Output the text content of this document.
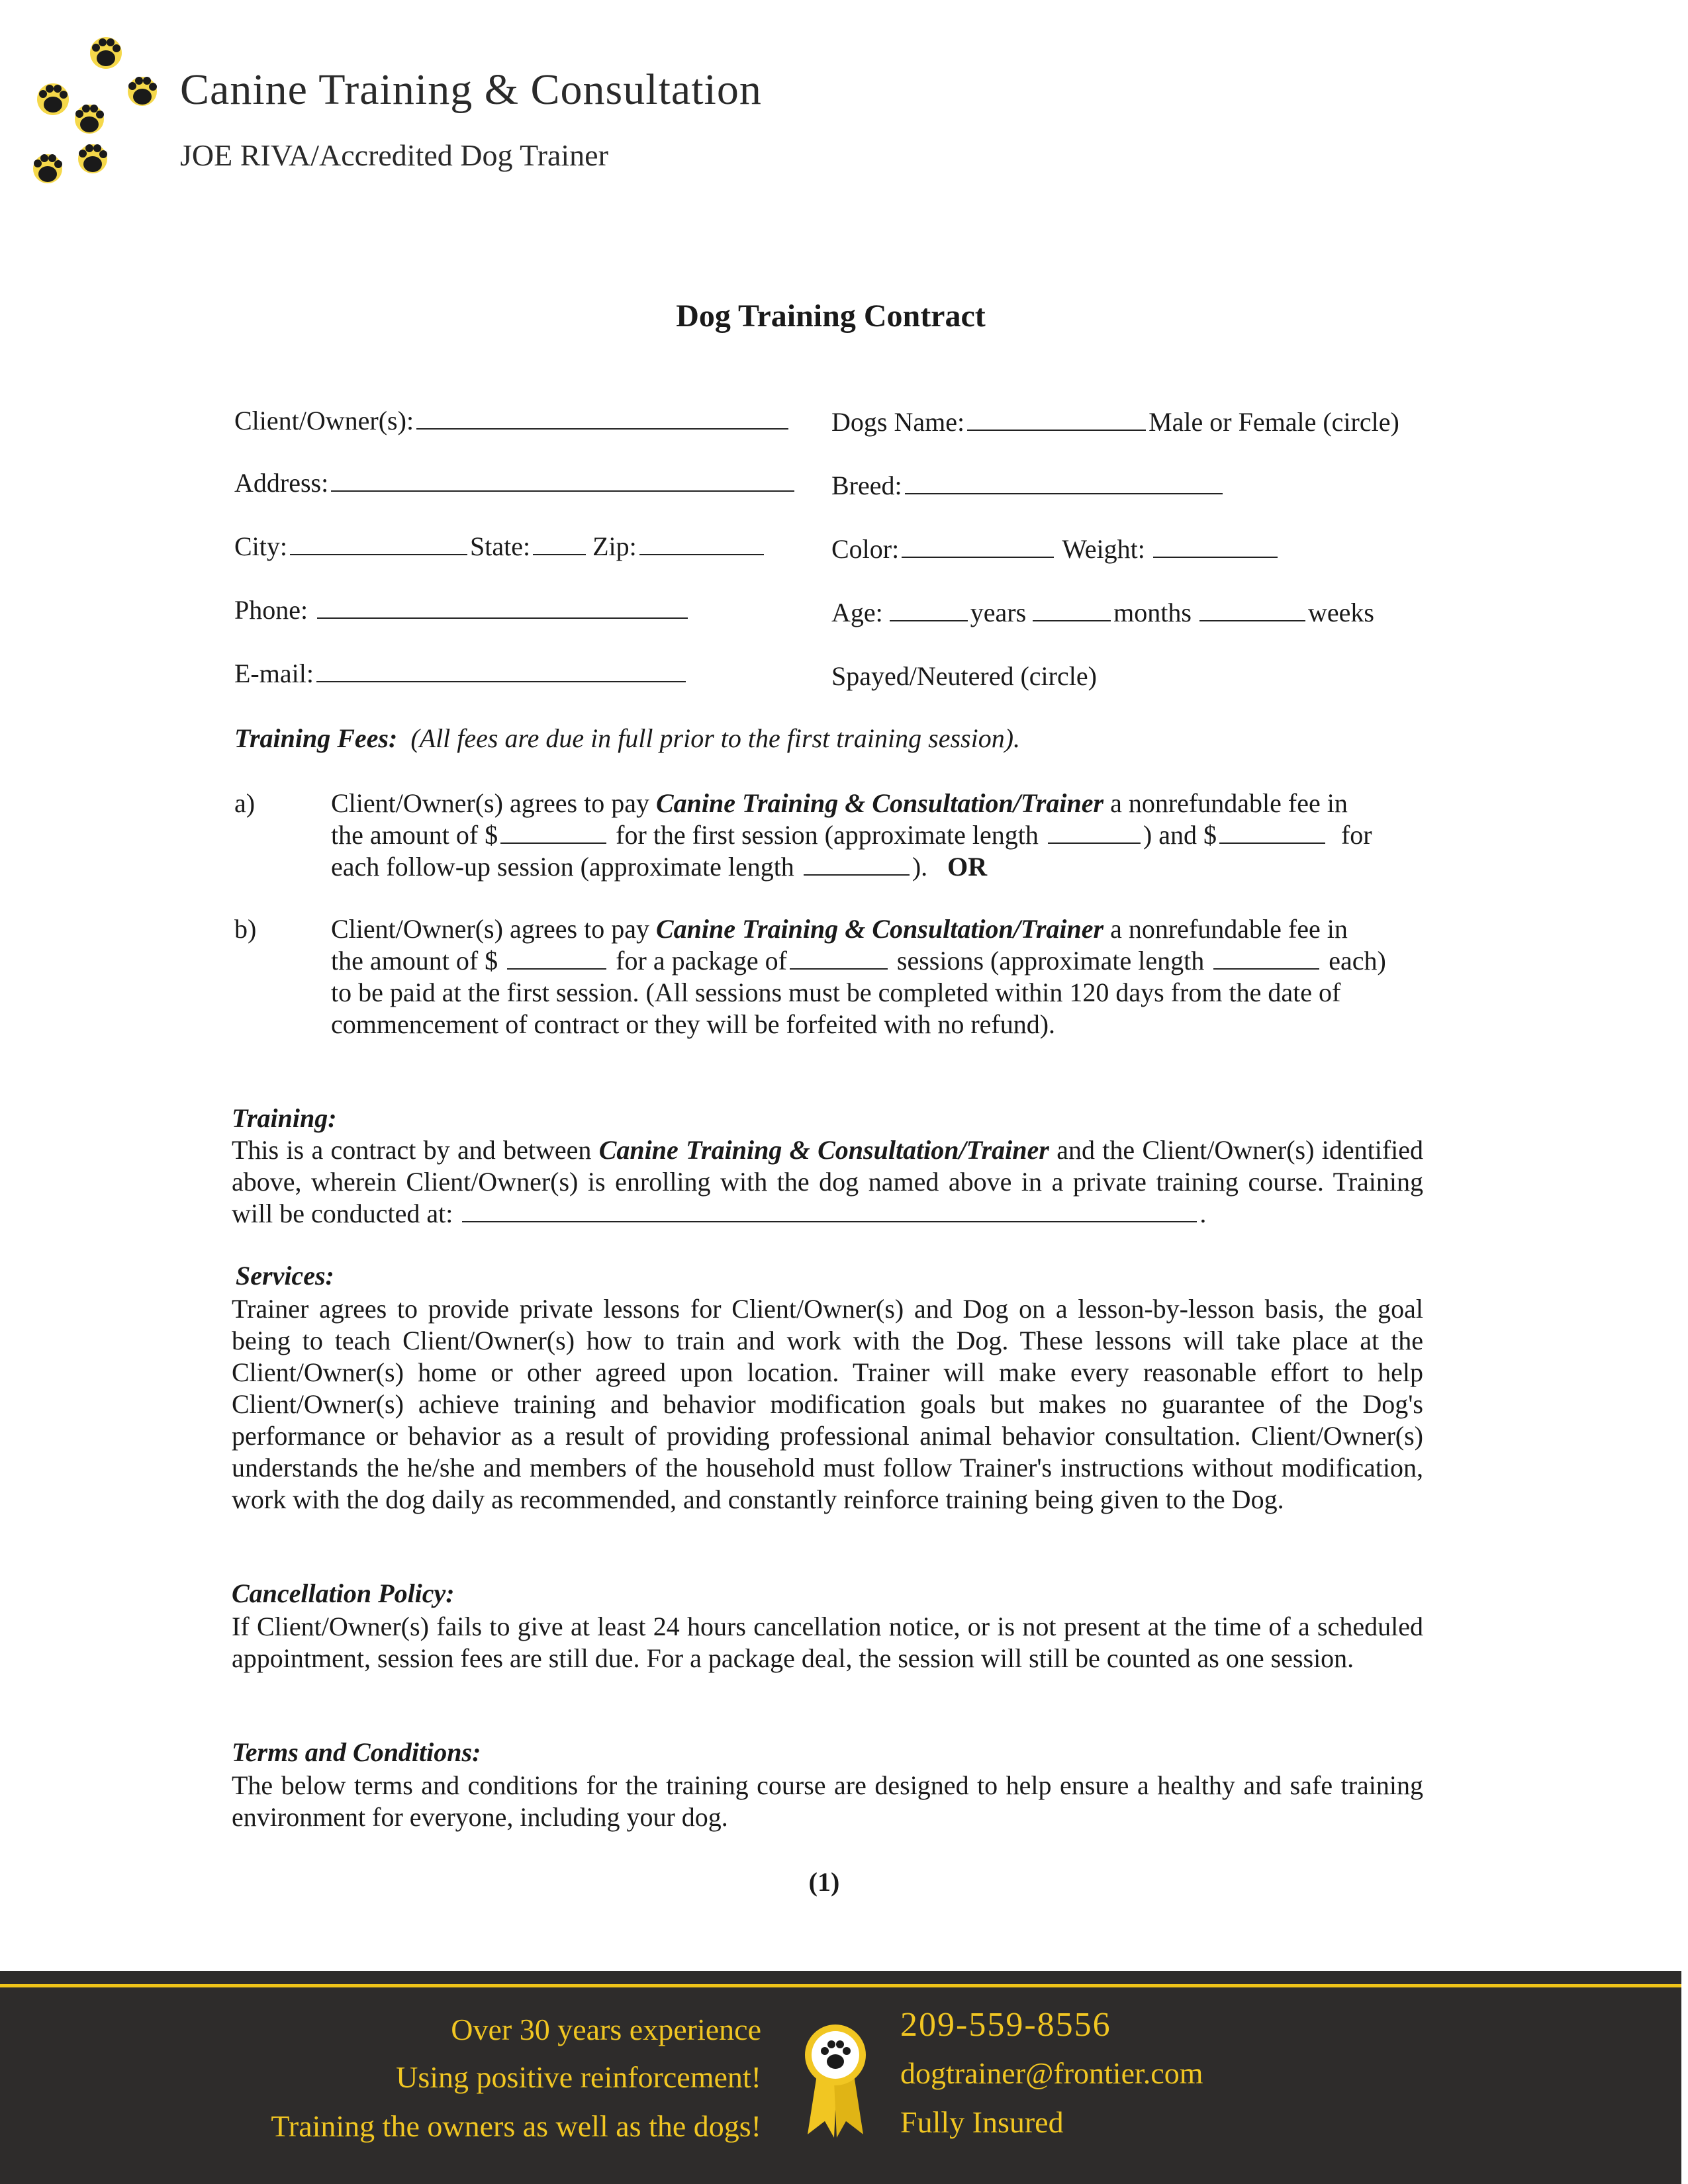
Canine Training & Consultation
JOE RIVA/Accredited Dog Trainer
Dog Training Contract
Client/Owner(s):
Address:
City:	State: Zip:
Phone:
E-mail:
Dogs Name:	Male or Female (circle)
Breed:
Color:	Weight:
Age:	years	months	weeks
Spayed/Neutered (circle)
Training Fees: (All fees are due in full prior to the first training session).
a)	Client/Owner(s) agrees to pay Canine Training & Consultation/Trainer a nonrefundable fee in
the amount of $	for the first session (approximate length	) and $	for
each follow-up session (approximate length	). OR
b)	Client/Owner(s) agrees to pay Canine Training & Consultation/Trainer a nonrefundable fee in
the amount of $	for a package of	sessions (approximate length	each)
to be paid at the first session. (All sessions must be completed within 120 days from the date of
commencement of contract or they will be forfeited with no refund).
Training:
This is a contract by and between Canine Training & Consultation/Trainer and the Client/Owner(s) identified above, wherein Client/Owner(s) is enrolling with the dog named above in a private training course. Training will be conducted at:	.
Services:
Trainer agrees to provide private lessons for Client/Owner(s) and Dog on a lesson-by-lesson basis, the goal being to teach Client/Owner(s) how to train and work with the Dog. These lessons will take place at the Client/Owner(s) home or other agreed upon location. Trainer will make every reasonable effort to help Client/Owner(s) achieve training and behavior modification goals but makes no guarantee of the Dog's performance or behavior as a result of providing professional animal behavior consultation. Client/Owner(s) understands the he/she and members of the household must follow Trainer's instructions without modification, work with the dog daily as recommended, and constantly reinforce training being given to the Dog.
Cancellation Policy:
If Client/Owner(s) fails to give at least 24 hours cancellation notice, or is not present at the time of a scheduled appointment, session fees are still due. For a package deal, the session will still be counted as one session.
Terms and Conditions:
The below terms and conditions for the training course are designed to help ensure a healthy and safe training environment for everyone, including your dog.
(1)
Over 30 years experience
Using positive reinforcement!
Training the owners as well as the dogs!
209-559-8556
dogtrainer@frontier.com
Fully Insured
